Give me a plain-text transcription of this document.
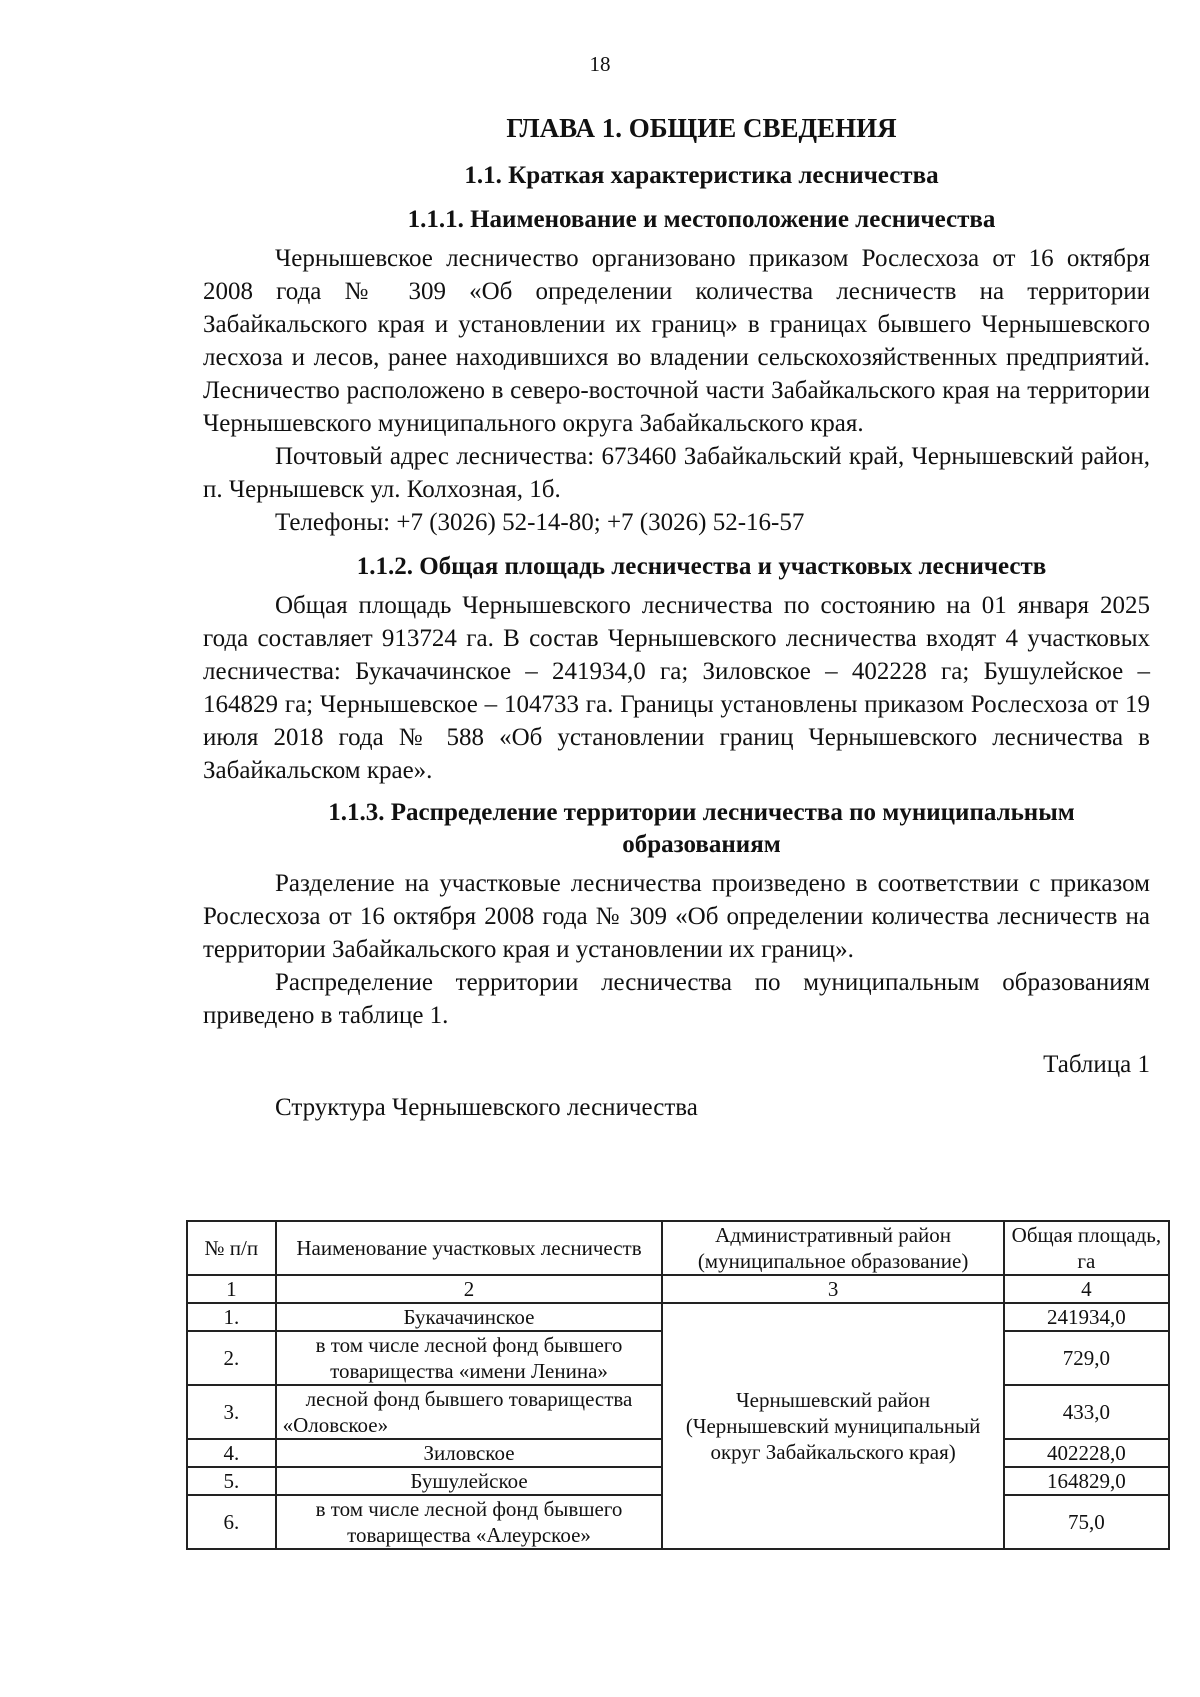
18
ГЛАВА 1. ОБЩИЕ СВЕДЕНИЯ
1.1. Краткая характеристика лесничества
1.1.1. Наименование и местоположение лесничества

Чернышевское лесничество организовано приказом Рослесхоза от 16 октября 2008 года № 309 «Об определении количества лесничеств на территории Забайкальского края и установлении их границ» в границах бывшего Чернышевского лесхоза и лесов, ранее находившихся во владении сельскохозяйственных предприятий. Лесничество расположено в северо-восточной части Забайкальского края на территории Чернышевского муниципального округа Забайкальского края.

Почтовый адрес лесничества: 673460 Забайкальский край, Чернышевский район, п. Чернышевск ул. Колхозная, 1б.

Телефоны: +7 (3026) 52-14-80; +7 (3026) 52-16-57

1.1.2. Общая площадь лесничества и участковых лесничеств

Общая площадь Чернышевского лесничества по состоянию на 01 января 2025 года составляет 913724 га. В состав Чернышевского лесничества входят 4 участковых лесничества: Букачачинское – 241934,0 га; Зиловское – 402228 га; Бушулейское – 164829 га; Чернышевское – 104733 га. Границы установлены приказом Рослесхоза от 19 июля 2018 года № 588 «Об установлении границ Чернышевского лесничества в Забайкальском крае».

1.1.3. Распределение территории лесничества по муниципальным
образованиям

Разделение на участковые лесничества произведено в соответствии с приказом Рослесхоза от 16 октября 2008 года № 309 «Об определении количества лесничеств на территории Забайкальского края и установлении их границ».

Распределение территории лесничества по муниципальным образованиям приведено в таблице 1.

Таблица 1
Структура Чернышевского лесничества
№ п/п	Наименование участковых лесничеств	Административный район (муниципальное образование)	Общая площадь, га
1	2	3	4
1.	Букачачинское	Чернышевский район (Чернышевский муниципальный округ Забайкальского края)	241934,0
2.	в том числе лесной фонд бывшего товарищества «имени Ленина»		729,0
3.	лесной фонд бывшего товарищества «Оловское»		433,0
4.	Зиловское		402228,0
5.	Бушулейское		164829,0
6.	в том числе лесной фонд бывшего товарищества «Алеурское»		75,0
